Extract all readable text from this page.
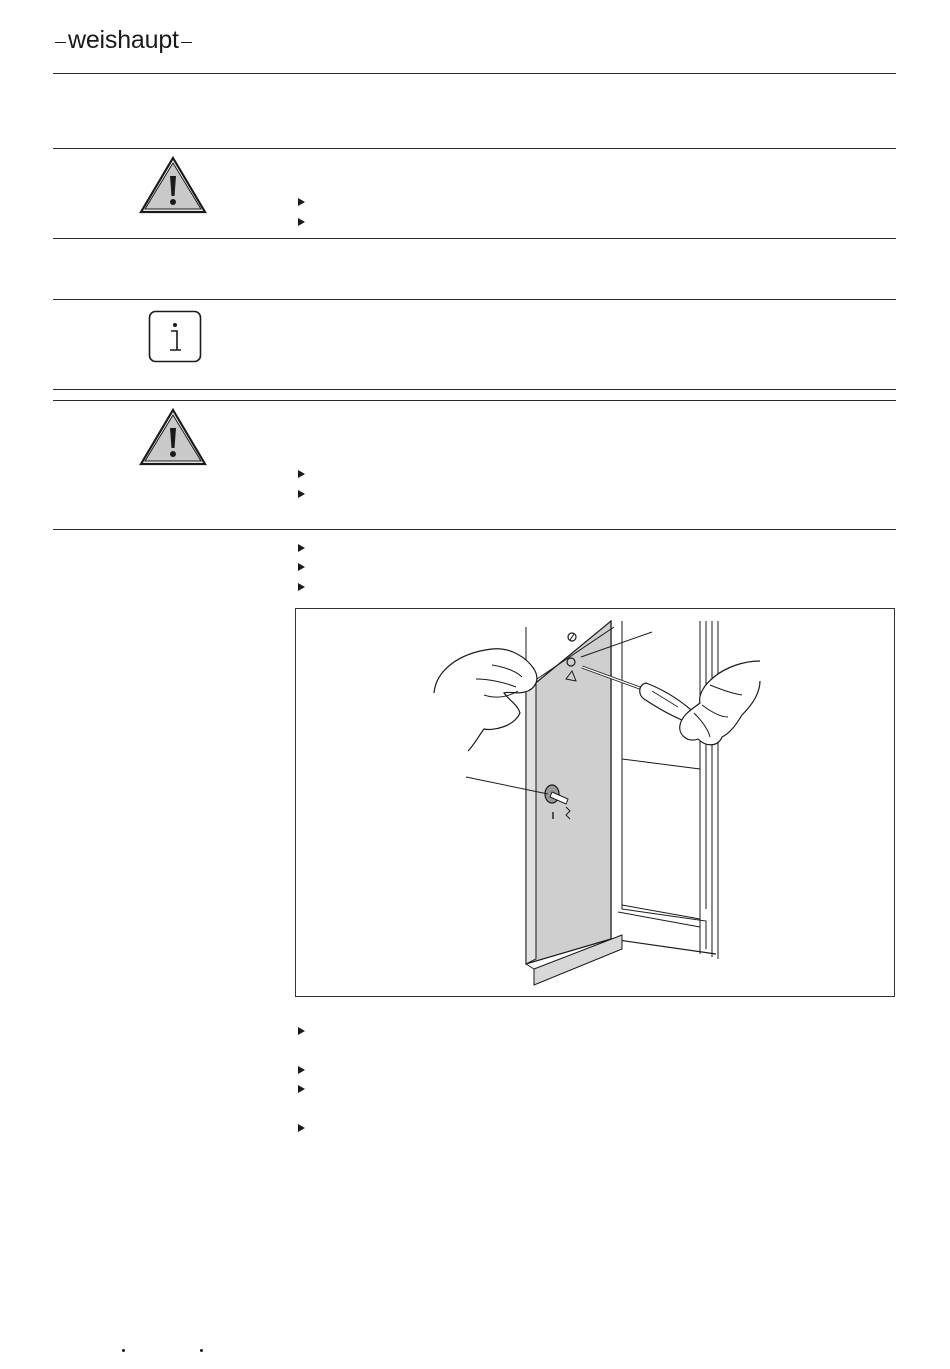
weishaupt
